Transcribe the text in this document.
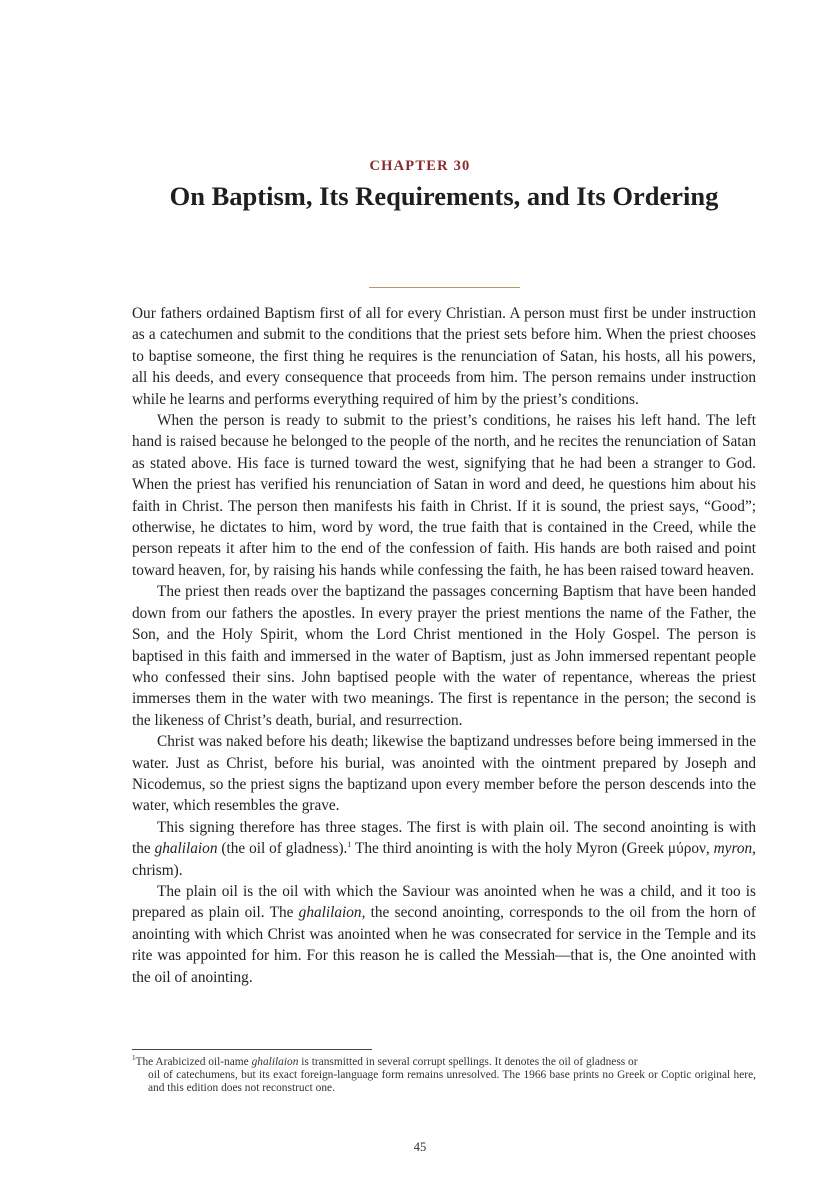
CHAPTER 30
On Baptism, Its Requirements, and Its Ordering

Our fathers ordained Baptism first of all for every Christian. A person must first be under instruction as a catechumen and submit to the conditions that the priest sets before him. When the priest chooses to baptise someone, the first thing he requires is the renunciation of Satan, his hosts, all his powers, all his deeds, and every consequence that proceeds from him. The person remains under instruction while he learns and performs everything required of him by the priest’s conditions.

When the person is ready to submit to the priest’s conditions, he raises his left hand. The left hand is raised because he belonged to the people of the north, and he recites the renunciation of Satan as stated above. His face is turned toward the west, signifying that he had been a stranger to God. When the priest has verified his renunciation of Satan in word and deed, he questions him about his faith in Christ. The person then manifests his faith in Christ. If it is sound, the priest says, “Good”; otherwise, he dictates to him, word by word, the true faith that is contained in the Creed, while the person repeats it after him to the end of the confession of faith. His hands are both raised and point toward heaven, for, by raising his hands while confessing the faith, he has been raised toward heaven.

The priest then reads over the baptizand the passages concerning Baptism that have been handed down from our fathers the apostles. In every prayer the priest mentions the name of the Father, the Son, and the Holy Spirit, whom the Lord Christ mentioned in the Holy Gospel. The person is baptised in this faith and immersed in the water of Baptism, just as John immersed repentant people who confessed their sins. John baptised people with the water of repentance, whereas the priest immerses them in the water with two meanings. The first is repentance in the person; the second is the likeness of Christ’s death, burial, and resurrection.

Christ was naked before his death; likewise the baptizand undresses before being immersed in the water. Just as Christ, before his burial, was anointed with the ointment prepared by Joseph and Nicodemus, so the priest signs the baptizand upon every member before the person descends into the water, which resembles the grave.

This signing therefore has three stages. The first is with plain oil. The second anointing is with the ghalilaion (the oil of gladness).$^1$ The third anointing is with the holy Myron (Greek μύρον, myron, chrism).

The plain oil is the oil with which the Saviour was anointed when he was a child, and it too is prepared as plain oil. The ghalilaion, the second anointing, corresponds to the oil from the horn of anointing with which Christ was anointed when he was consecrated for service in the Temple and its rite was appointed for him. For this reason he is called the Messiah—that is, the One anointed with the oil of anointing.

$^1$The Arabicized oil-name ghalilaion is transmitted in several corrupt spellings. It denotes the oil of gladness or
oil of catechumens, but its exact foreign-language form remains unresolved. The 1966 base prints no Greek or Coptic original here, and this edition does not reconstruct one.
45
